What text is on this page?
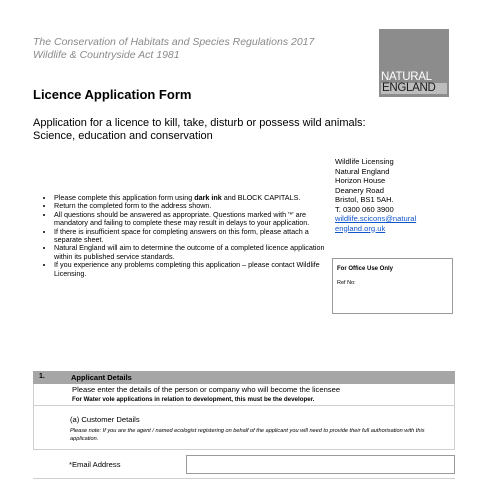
The Conservation of Habitats and Species Regulations 2017
Wildlife & Countryside Act 1981
NATURAL
ENGLAND
Licence Application Form
Application for a licence to kill, take, disturb or possess wild animals: Science, education and conservation
Wildlife Licensing
Natural England
Horizon House
Deanery Road
Bristol, BS1 5AH.
T. 0300 060 3900
wildlife.scicons@natural
england.org.uk
• Please complete this application form using dark ink and BLOCK CAPITALS.
• Return the completed form to the address shown.
• All questions should be answered as appropriate. Questions marked with '*' are mandatory and failing to complete these may result in delays to your application.
• If there is insufficient space for completing answers on this form, please attach a separate sheet.
• Natural England will aim to determine the outcome of a completed licence application within its published service standards.
• If you experience any problems completing this application – please contact Wildlife Licensing.	For Office Use Only
Ref No:
1.	Applicant Details
Please enter the details of the person or company who will become the licensee
For Water vole applications in relation to development, this must be the developer.
(a) Customer Details
Please note: If you are the agent / named ecologist registering on behalf of the applicant you will need to provide their full authorisation with this application.
*Email Address
